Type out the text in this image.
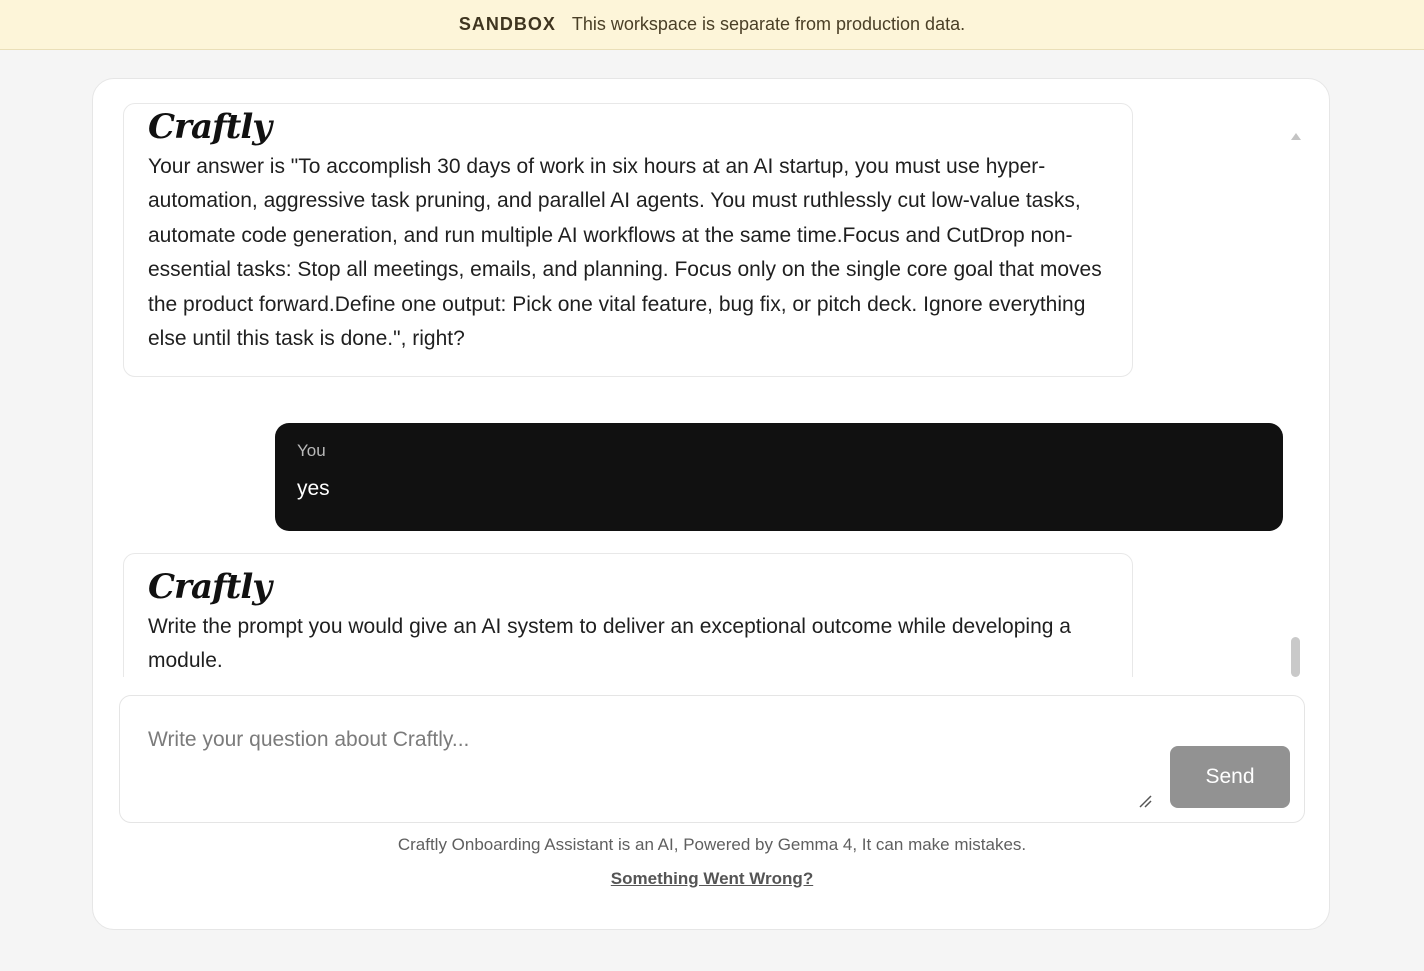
SANDBOX This workspace is separate from production data.
Craftly
Your answer is "To accomplish 30 days of work in six hours at an AI startup, you must use hyper-automation, aggressive task pruning, and parallel AI agents. You must ruthlessly cut low-value tasks, automate code generation, and run multiple AI workflows at the same time.Focus and CutDrop non-essential tasks: Stop all meetings, emails, and planning. Focus only on the single core goal that moves the product forward.Define one output: Pick one vital feature, bug fix, or pitch deck. Ignore everything else until this task is done.", right?
You
yes
Craftly
Write the prompt you would give an AI system to deliver an exceptional outcome while developing a module.
Write your question about Craftly...
Send
Craftly Onboarding Assistant is an AI, Powered by Gemma 4, It can make mistakes.
Something Went Wrong?
